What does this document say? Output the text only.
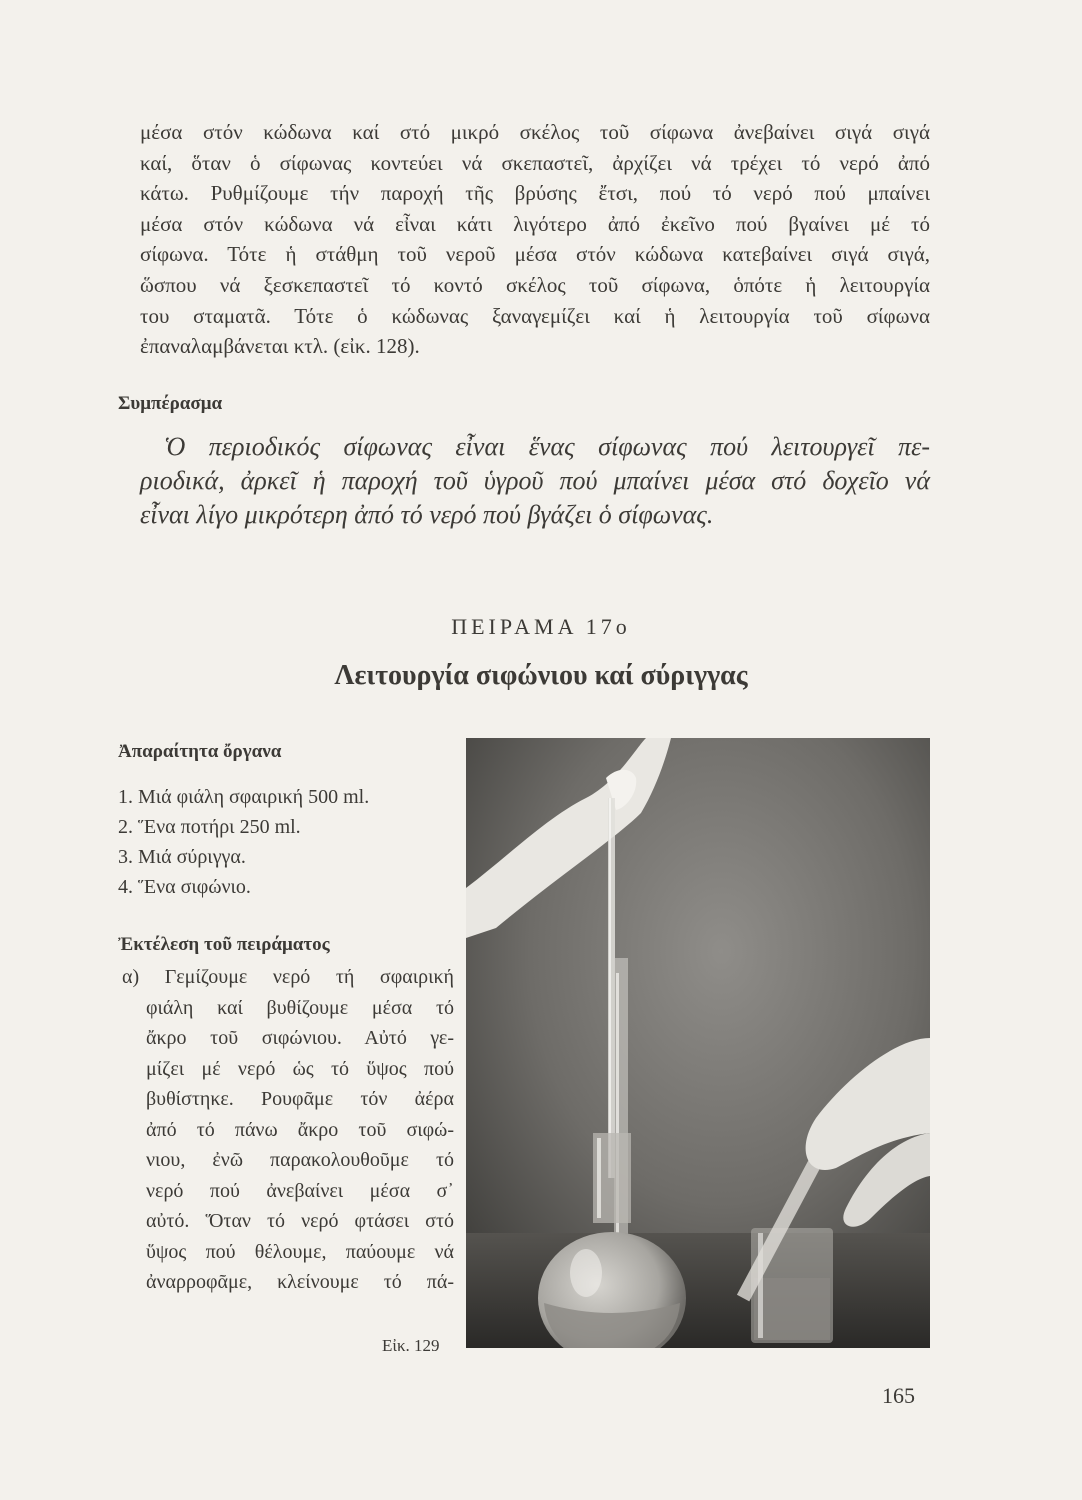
μέσα στόν κώδωνα καί στό μικρό σκέλος τοῦ σίφωνα ἀνεβαίνει σιγά σιγά
καί, ὅταν ὁ σίφωνας κοντεύει νά σκεπαστεῖ, ἀρχίζει νά τρέχει τό νερό ἀπό
κάτω. Ρυθμίζουμε τήν παροχή τῆς βρύσης ἔτσι, πού τό νερό πού μπαίνει
μέσα στόν κώδωνα νά εἶναι κάτι λιγότερο ἀπό ἐκεῖνο πού βγαίνει μέ τό
σίφωνα. Τότε ἡ στάθμη τοῦ νεροῦ μέσα στόν κώδωνα κατεβαίνει σιγά σιγά,
ὥσπου νά ξεσκεπαστεῖ τό κοντό σκέλος τοῦ σίφωνα, ὁπότε ἡ λειτουργία
του σταματᾶ. Τότε ὁ κώδωνας ξαναγεμίζει καί ἡ λειτουργία τοῦ σίφωνα
ἐπαναλαμβάνεται κτλ. (εἰκ. 128).
Συμπέρασμα
Ὁ περιοδικός σίφωνας εἶναι ἕνας σίφωνας πού λειτουργεῖ πε-
ριοδικά, ἀρκεῖ ἡ παροχή τοῦ ὑγροῦ πού μπαίνει μέσα στό δοχεῖο νά
εἶναι λίγο μικρότερη ἀπό τό νερό πού βγάζει ὁ σίφωνας.
ΠΕΙΡΑΜΑ 17ο
Λειτουργία σιφώνιου καί σύριγγας
Ἀπαραίτητα ὄργανα
1. Μιά φιάλη σφαιρική 500 ml.
2. Ἕνα ποτήρι 250 ml.
3. Μιά σύριγγα.
4. Ἕνα σιφώνιο.
Ἐκτέλεση τοῦ πειράματος
α) Γεμίζουμε νερό τή σφαιρική
φιάλη καί βυθίζουμε μέσα τό
ἄκρο τοῦ σιφώνιου. Αὐτό γε-
μίζει μέ νερό ὡς τό ὕψος πού
βυθίστηκε. Ρουφᾶμε τόν ἀέρα
ἀπό τό πάνω ἄκρο τοῦ σιφώ-
νιου, ἐνῶ παρακολουθοῦμε τό
νερό πού ἀνεβαίνει μέσα σ᾿
αὐτό. Ὅταν τό νερό φτάσει στό
ὕψος πού θέλουμε, παύουμε νά
ἀναρροφᾶμε, κλείνουμε τό πά-
Εἰκ. 129
165
